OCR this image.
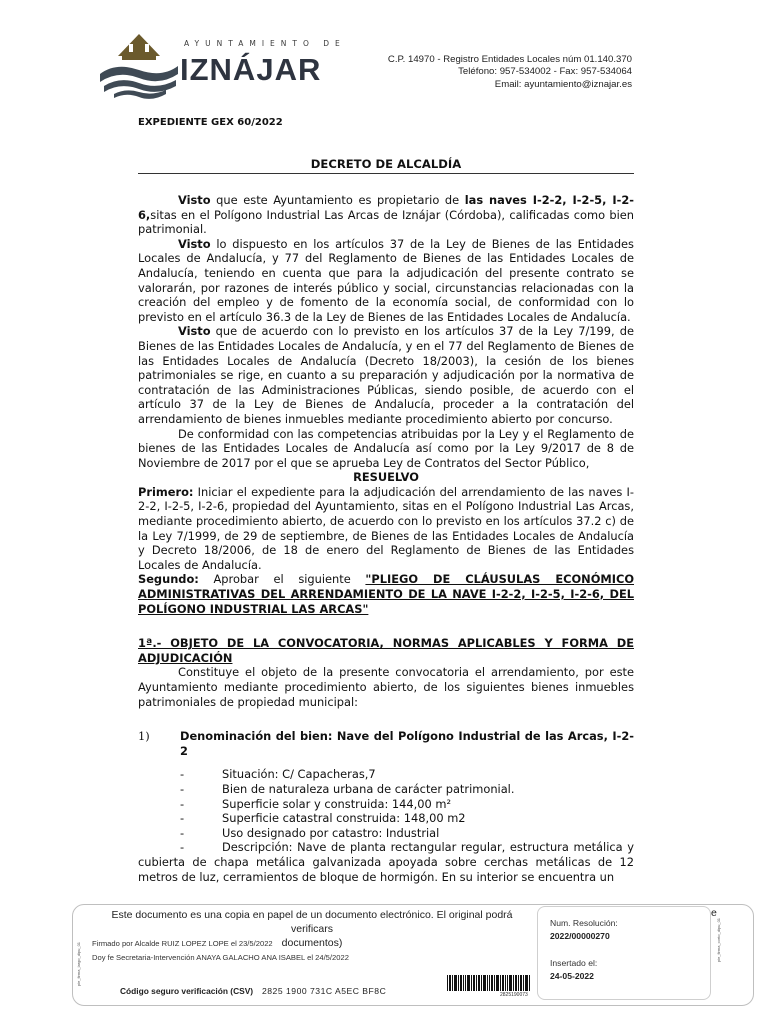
AYUNTAMIENTO DE
IZNÁJAR	C.P. 14970 - Registro Entidades Locales núm 01.140.370
Teléfono: 957-534002 - Fax: 957-534064
Email: ayuntamiento@iznajar.es
EXPEDIENTE GEX 60/2022
DECRETO DE ALCALDÍA

Visto que este Ayuntamiento es propietario de las naves I-2-2, I-2-5, I-2-6,sitas en el Polígono Industrial Las Arcas de Iznájar (Córdoba), calificadas como bien patrimonial.

Visto lo dispuesto en los artículos 37 de la Ley de Bienes de las Entidades Locales de Andalucía, y 77 del Reglamento de Bienes de las Entidades Locales de Andalucía, teniendo en cuenta que para la adjudicación del presente contrato se valorarán, por razones de interés público y social, circunstancias relacionadas con la creación del empleo y de fomento de la economía social, de conformidad con lo previsto en el artículo 36.3 de la Ley de Bienes de las Entidades Locales de Andalucía.

Visto que de acuerdo con lo previsto en los artículos 37 de la Ley 7/199, de Bienes de las Entidades Locales de Andalucía, y en el 77 del Reglamento de Bienes de las Entidades Locales de Andalucía (Decreto 18/2003), la cesión de los bienes patrimoniales se rige, en cuanto a su preparación y adjudicación por la normativa de contratación de las Administraciones Públicas, siendo posible, de acuerdo con el artículo 37 de la Ley de Bienes de Andalucía, proceder a la contratación del arrendamiento de bienes inmuebles mediante procedimiento abierto por concurso.

De conformidad con las competencias atribuidas por la Ley y el Reglamento de bienes de las Entidades Locales de Andalucía así como por la Ley 9/2017 de 8 de Noviembre de 2017 por el que se aprueba Ley de Contratos del Sector Público,

RESUELVO

Primero: Iniciar el expediente para la adjudicación del arrendamiento de las naves I-2-2, I-2-5, I-2-6, propiedad del Ayuntamiento, sitas en el Polígono Industrial Las Arcas, mediante procedimiento abierto, de acuerdo con lo previsto en los artículos 37.2 c) de la Ley 7/1999, de 29 de septiembre, de Bienes de las Entidades Locales de Andalucía y Decreto 18/2006, de 18 de enero del Reglamento de Bienes de las Entidades Locales de Andalucía.

Segundo: Aprobar el siguiente "PLIEGO DE CLÁUSULAS ECONÓMICO ADMINISTRATIVAS DEL ARRENDAMIENTO DE LA NAVE I-2-2, I-2-5, I-2-6, DEL POLÍGONO INDUSTRIAL LAS ARCAS"

1ª.- OBJETO DE LA CONVOCATORIA, NORMAS APLICABLES Y FORMA DE ADJUDICACIÓN

Constituye el objeto de la presente convocatoria el arrendamiento, por este Ayuntamiento mediante procedimiento abierto, de los siguientes bienes inmuebles patrimoniales de propiedad municipal:

1)	Denominación del bien: Nave del Polígono Industrial de las Arcas, I-2-2

-	Situación: C/ Capacheras,7
-	Bien de naturaleza urbana de carácter patrimonial.
-	Superficie solar y construida: 144,00 m²
-	Superficie catastral construida: 148,00 m2
-	Uso designado por catastro: Industrial

-	Descripción: Nave de planta rectangular regular, estructura metálica y cubierta de chapa metálica galvanizada apoyada sobre cerchas metálicas de 12 metros de luz, cerramientos de bloque de hormigón. En su interior se encuentra un

Este documento es una copia en papel de un documento electrónico. El original podrá verificars
documentos)
e
Firmado por Alcalde RUIZ LOPEZ LOPE el 23/5/2022
Doy fe Secretaria-Intervención ANAYA GALACHO ANA ISABEL el 24/5/2022
Código seguro verificación (CSV) 2825 1900 731C A5EC BF8C	2825190073
Num. Resolución:
2022/00000270
Insertado el:
24-05-2022
pie_firma_largo_dipu_01
pie_firma_corto_dipu_01
